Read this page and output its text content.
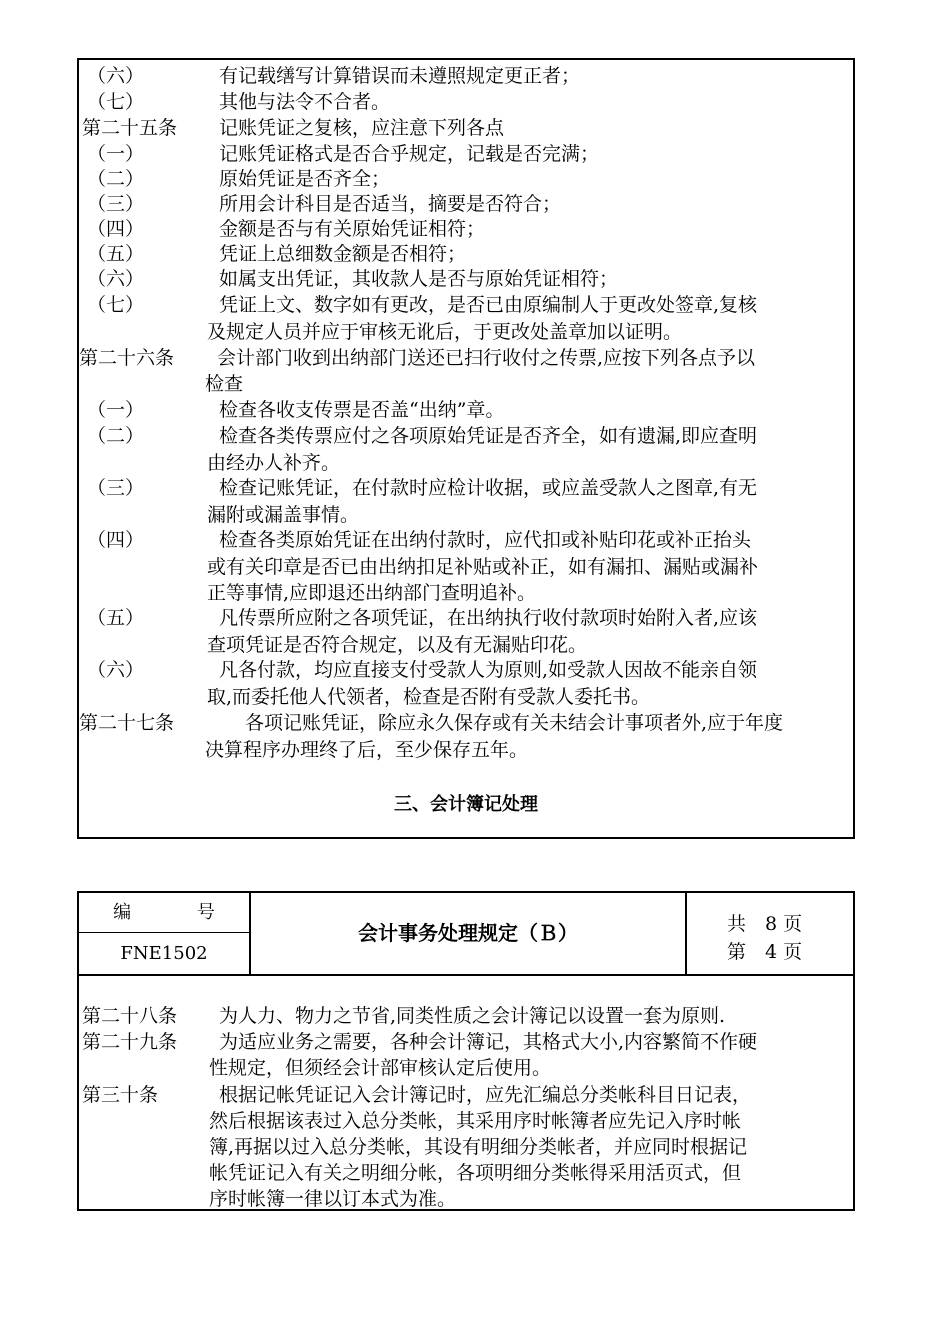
（六）	有记载缮写计算错误而未遵照规定更正者；
（七）	其他与法令不合者。
第二十五条 记账凭证之复核，应注意下列各点
（一）	记账凭证格式是否合乎规定，记载是否完满；
（二）	原始凭证是否齐全；
（三）	所用会计科目是否适当，摘要是否符合；
（四）	金额是否与有关原始凭证相符；
（五）	凭证上总细数金额是否相符；
（六）	如属支出凭证，其收款人是否与原始凭证相符；
（七）	凭证上文、数字如有更改，是否已由原编制人于更改处签章,复核
及规定人员并应于审核无讹后，于更改处盖章加以证明。
第二十六条 会计部门收到出纳部门送还已扫行收付之传票,应按下列各点予以
检查
（一）	检查各收支传票是否盖“出纳”章。
（二）	检查各类传票应付之各项原始凭证是否齐全，如有遗漏,即应查明
由经办人补齐。
（三）	检查记账凭证，在付款时应检计收据，或应盖受款人之图章,有无
漏附或漏盖事情。
（四）	检查各类原始凭证在出纳付款时，应代扣或补贴印花或补正抬头
或有关印章是否已由出纳扣足补贴或补正，如有漏扣、漏贴或漏补
正等事情,应即退还出纳部门查明追补。
（五）	凡传票所应附之各项凭证，在出纳执行收付款项时始附入者,应该
查项凭证是否符合规定，以及有无漏贴印花。
（六）	凡各付款，均应直接支付受款人为原则,如受款人因故不能亲自领
取,而委托他人代领者，检查是否附有受款人委托书。
第二十七条	各项记账凭证，除应永久保存或有关未结会计事项者外,应于年度
决算程序办理终了后，至少保存五年。
三、会计簿记处理
编 号
FNE1502
会计事务处理规定（Ｂ）	共　8 页
第　4 页
第二十八条 为人力、物力之节省,同类性质之会计簿记以设置一套为原则.
第二十九条 为适应业务之需要，各种会计簿记，其格式大小,内容繁简不作硬
性规定，但须经会计部审核认定后使用。
第三十条	根据记帐凭证记入会计簿记时，应先汇编总分类帐科目日记表，
然后根据该表过入总分类帐，其采用序时帐簿者应先记入序时帐
簿,再据以过入总分类帐，其设有明细分类帐者，并应同时根据记
帐凭证记入有关之明细分帐，各项明细分类帐得采用活页式，但
序时帐簿一律以订本式为准。
